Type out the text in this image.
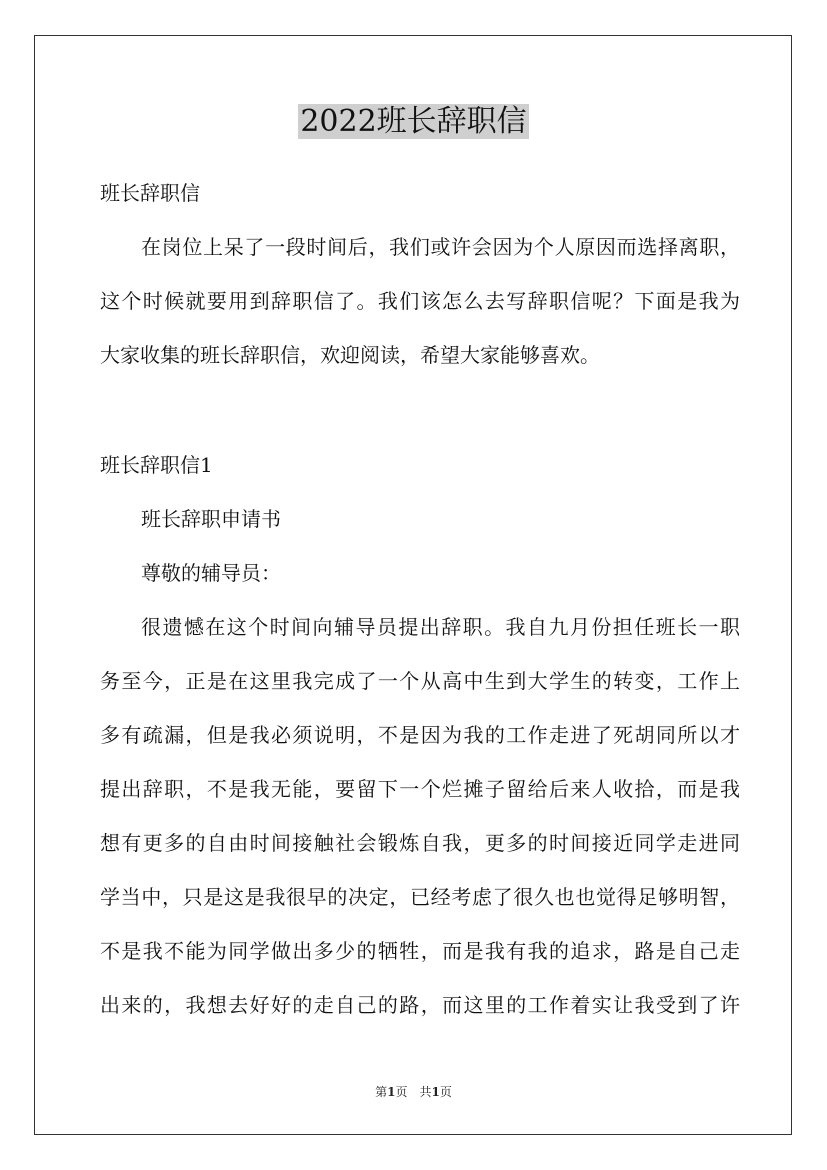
2022班长辞职信

班长辞职信

在岗位上呆了一段时间后，我们或许会因为个人原因而选择离职，

这个时候就要用到辞职信了。我们该怎么去写辞职信呢？下面是我为

大家收集的班长辞职信，欢迎阅读，希望大家能够喜欢。

班长辞职信1

班长辞职申请书

尊敬的辅导员：

很遗憾在这个时间向辅导员提出辞职。我自九月份担任班长一职

务至今，正是在这里我完成了一个从高中生到大学生的转变，工作上

多有疏漏，但是我必须说明，不是因为我的工作走进了死胡同所以才

提出辞职，不是我无能，要留下一个烂摊子留给后来人收拾，而是我

想有更多的自由时间接触社会锻炼自我，更多的时间接近同学走进同

学当中，只是这是我很早的决定，已经考虑了很久也也觉得足够明智，

不是我不能为同学做出多少的牺牲，而是我有我的追求，路是自己走

出来的，我想去好好的走自己的路，而这里的工作着实让我受到了许

第1页　共1页
